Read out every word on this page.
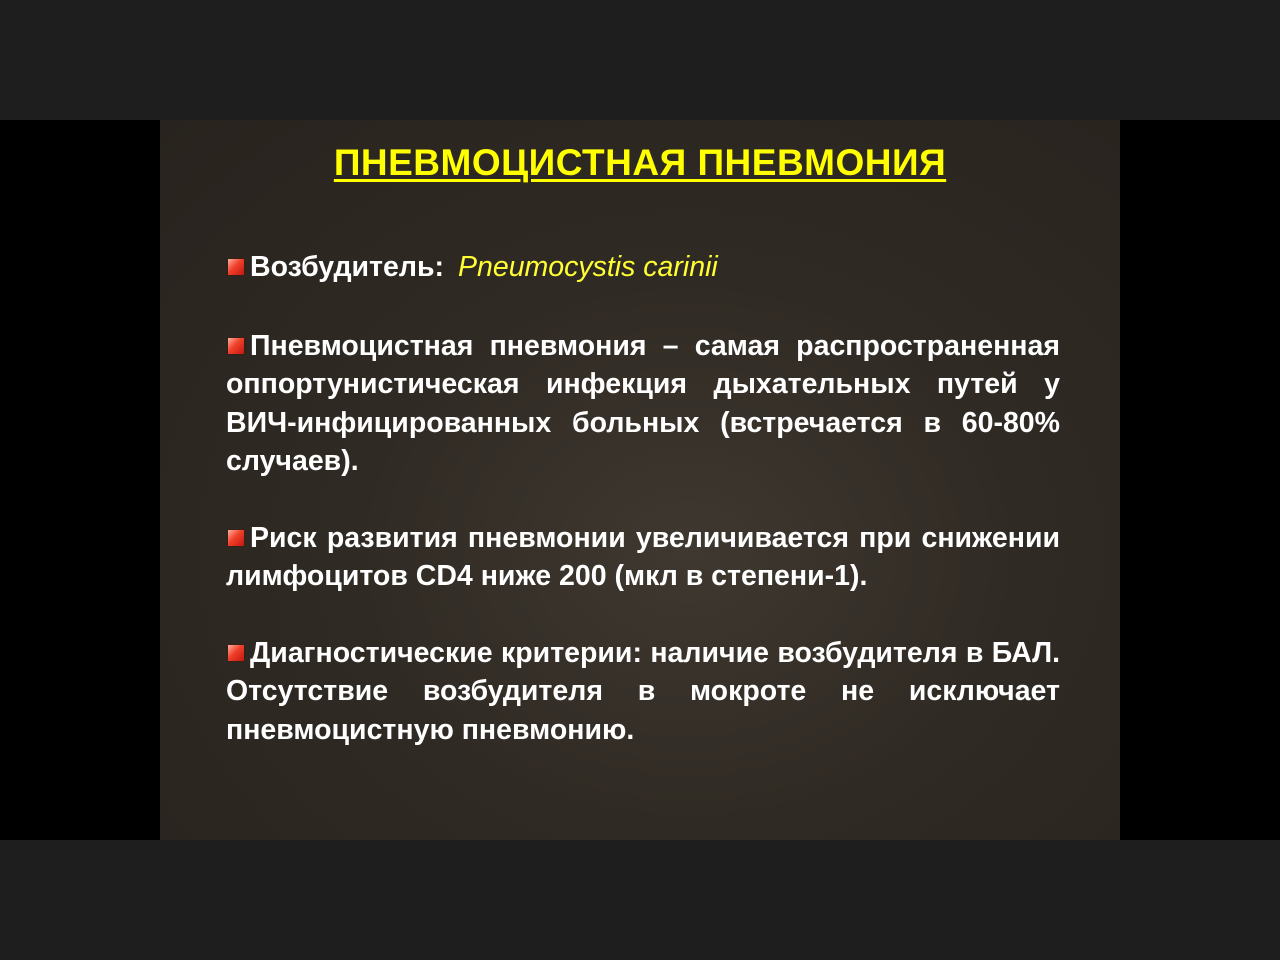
ПНЕВМОЦИСТНАЯ ПНЕВМОНИЯ

Возбудитель: Pneumocystis carinii

Пневмоцистная пневмония – самая распространенная оппортунистическая инфекция дыхательных путей у ВИЧ-инфицированных больных (встречается в 60-80% случаев).

Риск развития пневмонии увеличивается при снижении лимфоцитов CD4 ниже 200 (мкл в степени-1).

Диагностические критерии: наличие возбудителя в БАЛ. Отсутствие возбудителя в мокроте не исключает пневмоцистную пневмонию.
